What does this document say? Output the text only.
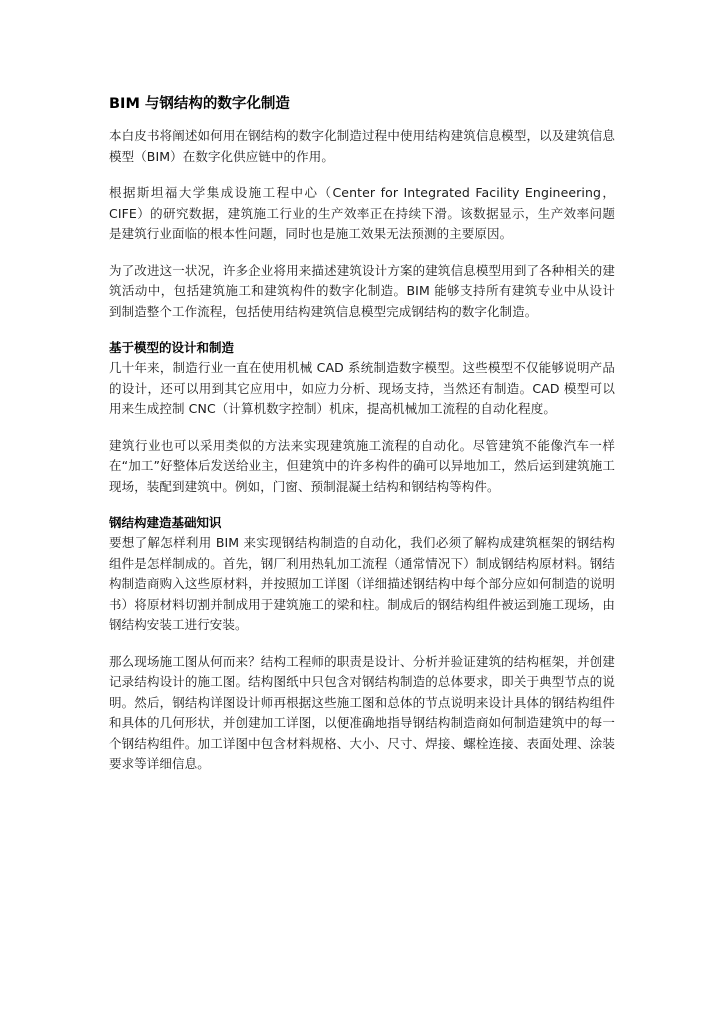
BIM 与钢结构的数字化制造

本白皮书将阐述如何用在钢结构的数字化制造过程中使用结构建筑信息模型，以及建筑信息模型（BIM）在数字化供应链中的作用。

根据斯坦福大学集成设施工程中心（Center for Integrated Facility Engineering，CIFE）的研究数据，建筑施工行业的生产效率正在持续下滑。该数据显示，生产效率问题是建筑行业面临的根本性问题，同时也是施工效果无法预测的主要原因。

为了改进这一状况，许多企业将用来描述建筑设计方案的建筑信息模型用到了各种相关的建筑活动中，包括建筑施工和建筑构件的数字化制造。BIM 能够支持所有建筑专业中从设计到制造整个工作流程，包括使用结构建筑信息模型完成钢结构的数字化制造。

基于模型的设计和制造

几十年来，制造行业一直在使用机械 CAD 系统制造数字模型。这些模型不仅能够说明产品的设计，还可以用到其它应用中，如应力分析、现场支持，当然还有制造。CAD 模型可以用来生成控制 CNC（计算机数字控制）机床，提高机械加工流程的自动化程度。

建筑行业也可以采用类似的方法来实现建筑施工流程的自动化。尽管建筑不能像汽车一样在“加工”好整体后发送给业主，但建筑中的许多构件的确可以异地加工，然后运到建筑施工现场，装配到建筑中。例如，门窗、预制混凝土结构和钢结构等构件。

钢结构建造基础知识

要想了解怎样利用 BIM 来实现钢结构制造的自动化，我们必须了解构成建筑框架的钢结构组件是怎样制成的。首先，钢厂利用热轧加工流程（通常情况下）制成钢结构原材料。钢结构制造商购入这些原材料，并按照加工详图（详细描述钢结构中每个部分应如何制造的说明书）将原材料切割并制成用于建筑施工的梁和柱。制成后的钢结构组件被运到施工现场，由钢结构安装工进行安装。

那么现场施工图从何而来？结构工程师的职责是设计、分析并验证建筑的结构框架，并创建记录结构设计的施工图。结构图纸中只包含对钢结构制造的总体要求，即关于典型节点的说明。然后，钢结构详图设计师再根据这些施工图和总体的节点说明来设计具体的钢结构组件和具体的几何形状，并创建加工详图，以便准确地指导钢结构制造商如何制造建筑中的每一个钢结构组件。加工详图中包含材料规格、大小、尺寸、焊接、螺栓连接、表面处理、涂装要求等详细信息。
